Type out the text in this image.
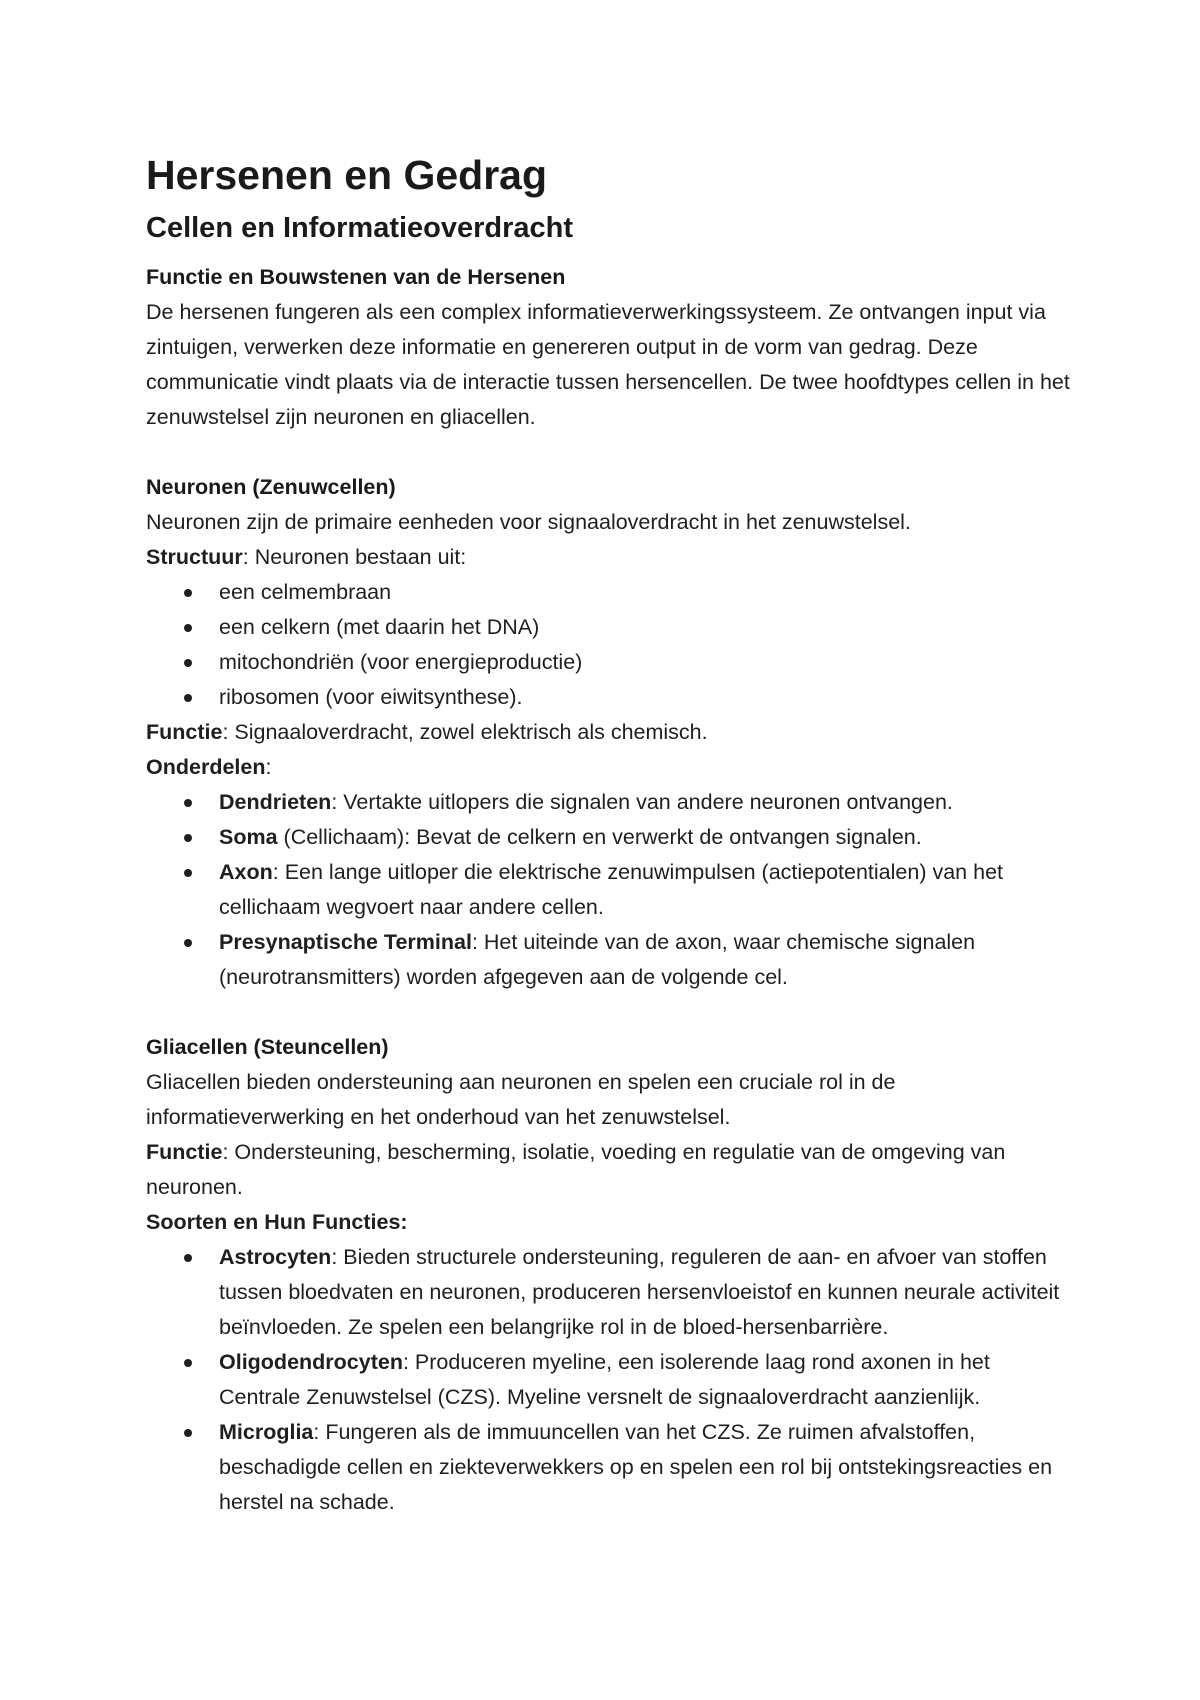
Hersenen en Gedrag
Cellen en Informatieoverdracht

Functie en Bouwstenen van de Hersenen

De hersenen fungeren als een complex informatieverwerkingssysteem. Ze ontvangen input via zintuigen, verwerken deze informatie en genereren output in de vorm van gedrag. Deze communicatie vindt plaats via de interactie tussen hersencellen. De twee hoofdtypes cellen in het zenuwstelsel zijn neuronen en gliacellen.

Neuronen (Zenuwcellen)

Neuronen zijn de primaire eenheden voor signaaloverdracht in het zenuwstelsel.

Structuur: Neuronen bestaan uit:

een celmembraan
een celkern (met daarin het DNA)
mitochondriën (voor energieproductie)
ribosomen (voor eiwitsynthese).

Functie: Signaaloverdracht, zowel elektrisch als chemisch.

Onderdelen:

Dendrieten: Vertakte uitlopers die signalen van andere neuronen ontvangen.
Soma (Cellichaam): Bevat de celkern en verwerkt de ontvangen signalen.
Axon: Een lange uitloper die elektrische zenuwimpulsen (actiepotentialen) van het cellichaam wegvoert naar andere cellen.
Presynaptische Terminal: Het uiteinde van de axon, waar chemische signalen (neurotransmitters) worden afgegeven aan de volgende cel.

Gliacellen (Steuncellen)

Gliacellen bieden ondersteuning aan neuronen en spelen een cruciale rol in de informatieverwerking en het onderhoud van het zenuwstelsel.

Functie: Ondersteuning, bescherming, isolatie, voeding en regulatie van de omgeving van neuronen.

Soorten en Hun Functies:

Astrocyten: Bieden structurele ondersteuning, reguleren de aan- en afvoer van stoffen tussen bloedvaten en neuronen, produceren hersenvloeistof en kunnen neurale activiteit beïnvloeden. Ze spelen een belangrijke rol in de bloed-hersenbarrière.
Oligodendrocyten: Produceren myeline, een isolerende laag rond axonen in het Centrale Zenuwstelsel (CZS). Myeline versnelt de signaaloverdracht aanzienlijk.
Microglia: Fungeren als de immuuncellen van het CZS. Ze ruimen afvalstoffen, beschadigde cellen en ziekteverwekkers op en spelen een rol bij ontstekingsreacties en herstel na schade.
